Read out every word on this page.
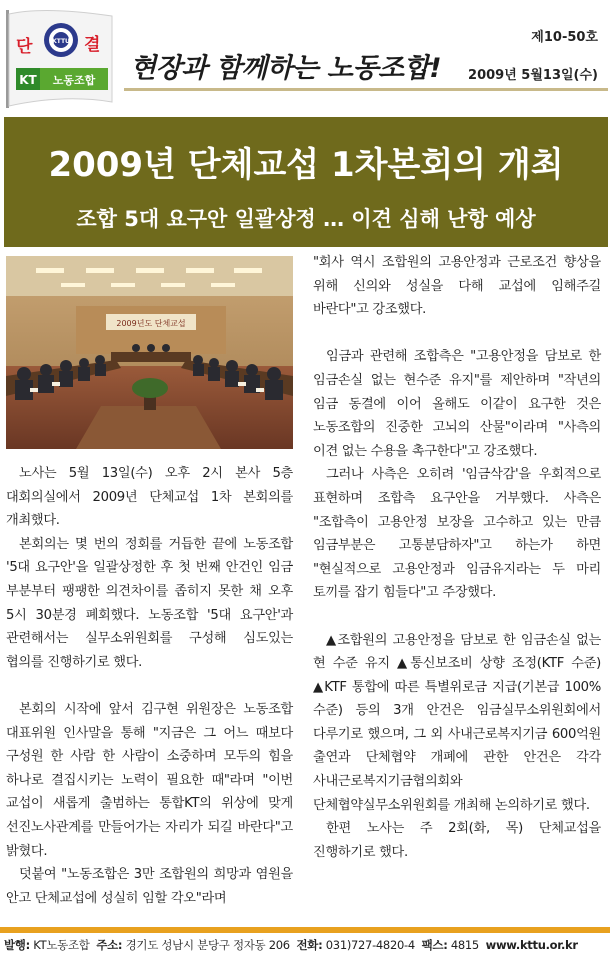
단	결
KTTU
KT 노동조합 현장과 함께하는 노동조합!
제10-50호
2009년 5월13일(수)
2009년 단체교섭 1차본회의 개최
조합 5대 요구안 일괄상정 … 이견 심해 난항 예상
2009년도 단체교섭

노사는 5월 13일(수) 오후 2시 본사 5층 대회의실에서 2009년 단체교섭 1차 본회의를 개최했다.

본회의는 몇 번의 정회를 거듭한 끝에 노동조합 '5대 요구안'을 일괄상정한 후 첫 번째 안건인 임금 부분부터 팽팽한 의견차이를 좁히지 못한 채 오후 5시 30분경 폐회했다. 노동조합 '5대 요구안'과 관련해서는 실무소위원회를 구성해 심도있는 협의를 진행하기로 했다.

본회의 시작에 앞서 김구현 위원장은 노동조합 대표위원 인사말을 통해 "지금은 그 어느 때보다 구성원 한 사람 한 사람이 소중하며 모두의 힘을 하나로 결집시키는 노력이 필요한 때"라며 "이번 교섭이 새롭게 출범하는 통합KT의 위상에 맞게 선진노사관계를 만들어가는 자리가 되길 바란다"고 밝혔다.

덧붙여 "노동조합은 3만 조합원의 희망과 염원을 안고 단체교섭에 성실히 임할 각오"라며

"회사 역시 조합원의 고용안정과 근로조건 향상을 위해 신의와 성실을 다해 교섭에 임해주길 바란다"고 강조했다.

임금과 관련해 조합측은 "고용안정을 담보로 한 임금손실 없는 현수준 유지"를 제안하며 "작년의 임금 동결에 이어 올해도 이같이 요구한 것은 노동조합의 진중한 고뇌의 산물"이라며 "사측의 이견 없는 수용을 촉구한다"고 강조했다.

그러나 사측은 오히려 '임금삭감'을 우회적으로 표현하며 조합측 요구안을 거부했다. 사측은 "조합측이 고용안정 보장을 고수하고 있는 만큼 임금부분은 고통분담하자"고 하는가 하면 "현실적으로 고용안정과 임금유지라는 두 마리 토끼를 잡기 힘들다"고 주장했다.

▲조합원의 고용안정을 담보로 한 임금손실 없는 현 수준 유지 ▲통신보조비 상향 조정(KTF 수준) ▲KTF 통합에 따른 특별위로금 지급(기본급 100% 수준) 등의 3개 안건은 임금실무소위원회에서 다루기로 했으며, 그 외 사내근로복지기금 600억원 출연과 단체협약 개폐에 관한 안건은 각각 사내근로복지기금협의회와 단체협약실무소위원회를 개최해 논의하기로 했다.

한편 노사는 주 2회(화, 목) 단체교섭을 진행하기로 했다.

발행: KT노동조합 주소: 경기도 성남시 분당구 정자동 206 전화: 031)727-4820-4 팩스: 4815 www.kttu.or.kr
